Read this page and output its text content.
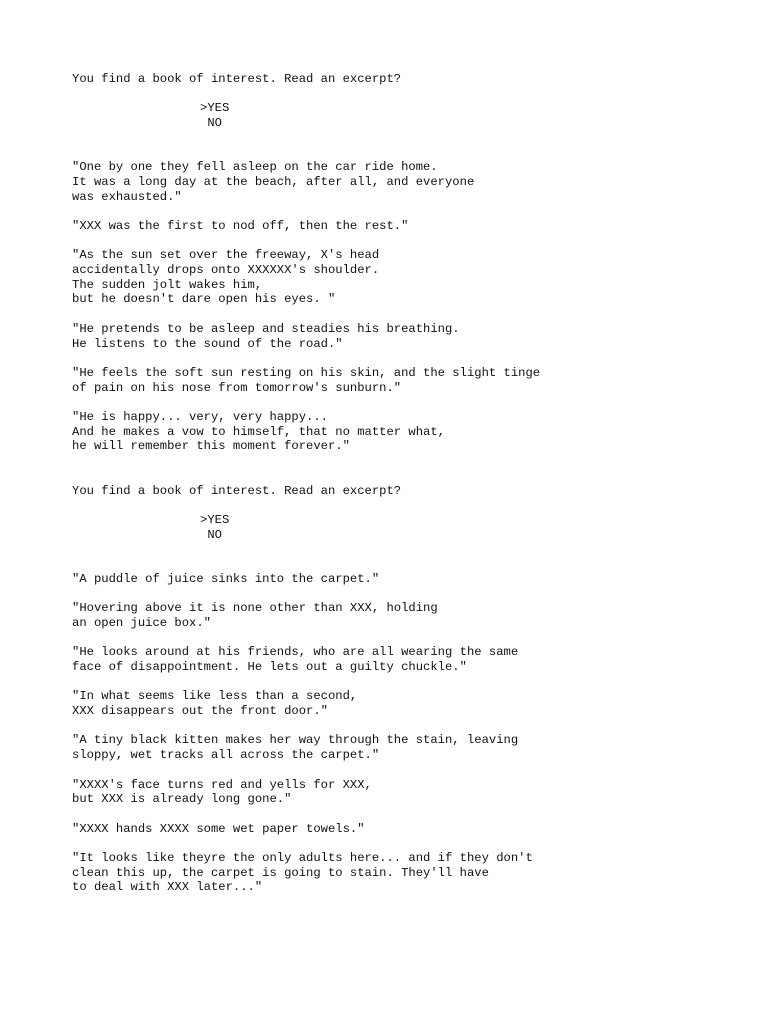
You find a book of interest. Read an excerpt?
>YES
NO
"One by one they fell asleep on the car ride home.
It was a long day at the beach, after all, and everyone
was exhausted."
"XXX was the first to nod off, then the rest."
"As the sun set over the freeway, X's head
accidentally drops onto XXXXXX's shoulder.
The sudden jolt wakes him,
but he doesn't dare open his eyes. "
"He pretends to be asleep and steadies his breathing.
He listens to the sound of the road."
"He feels the soft sun resting on his skin, and the slight tinge
of pain on his nose from tomorrow's sunburn."
"He is happy... very, very happy...
And he makes a vow to himself, that no matter what,
he will remember this moment forever."
You find a book of interest. Read an excerpt?
>YES
NO
"A puddle of juice sinks into the carpet."
"Hovering above it is none other than XXX, holding
an open juice box."
"He looks around at his friends, who are all wearing the same
face of disappointment. He lets out a guilty chuckle."
"In what seems like less than a second,
XXX disappears out the front door."
"A tiny black kitten makes her way through the stain, leaving
sloppy, wet tracks all across the carpet."
"XXXX's face turns red and yells for XXX,
but XXX is already long gone."
"XXXX hands XXXX some wet paper towels."
"It looks like theyre the only adults here... and if they don't
clean this up, the carpet is going to stain. They'll have
to deal with XXX later..."
